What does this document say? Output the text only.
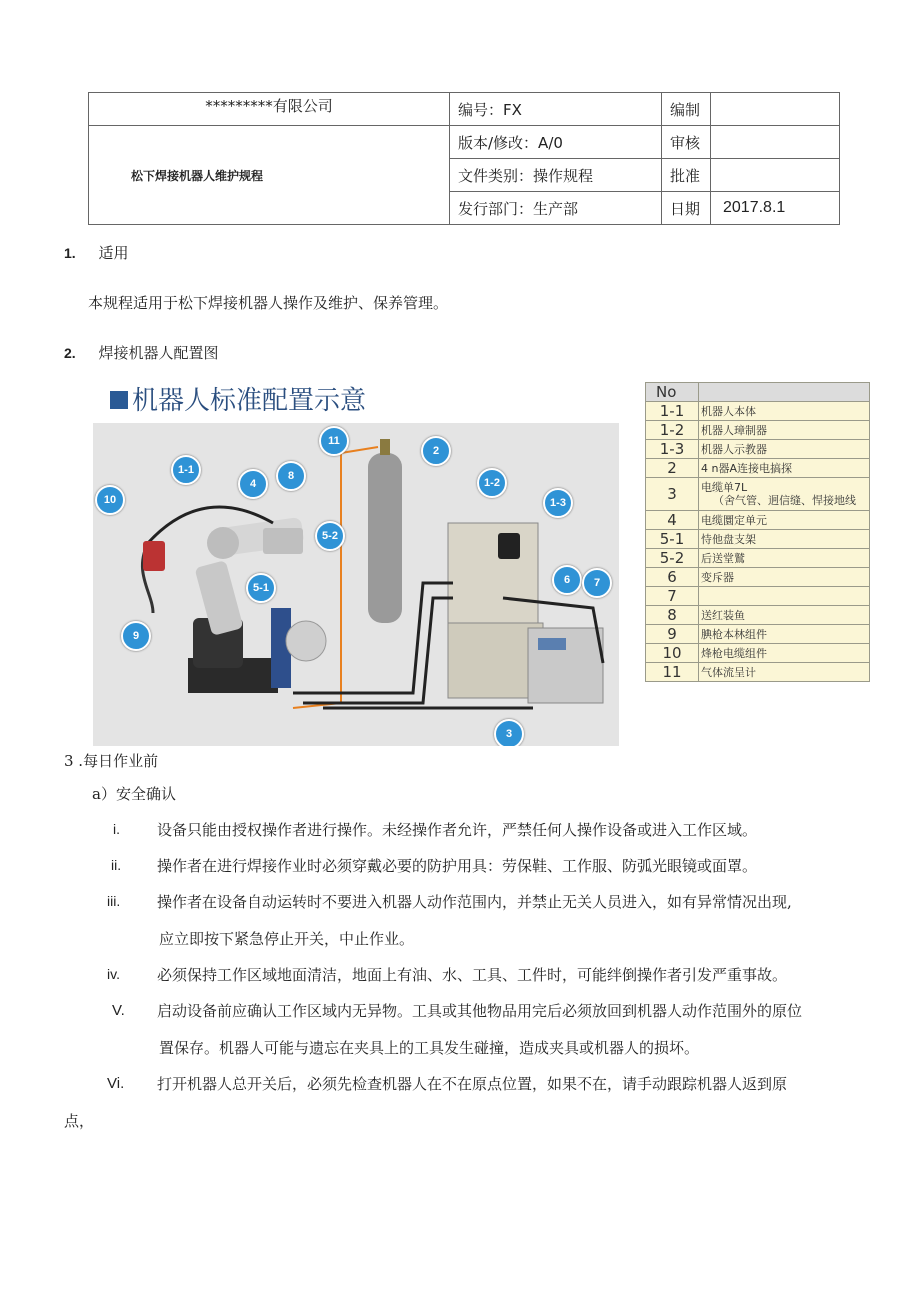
*********有限公司	编号：FX	编制	
松下焊接机器人维护规程	版本/修改：A/0	审核	
	文件类别：操作规程	批准	
	发行部门：生产部	日期	2017.8.1
1. 适用
本规程适用于松下焊接机器人操作及维护、保养管理。
2. 焊接机器人配置图
机器人标准配置示意
11
2
1-1	8
4	1-2
10	1-3
5-2
6 7
5-1
9
3
No	
1-1	机器人本体
1-2	机器人璋制器
1-3	机器人示教器
2	4 n器A连接电搞探
3	电缆单7L
（舍气管、迥信缝、悍接地线

4	电缆圜定单元
5-1	恃他盘支架
5-2	后送堂鷲
6	变斥器
7	
8	送红装鱼
9	腆枪本林组件
10	烽枪电缆组件
11	气体流呈计
3 .每日作业前
a）安全确认
i. 设备只能由授权操作者进行操作。未经操作者允许，严禁任何人操作设备或进入工作区域。
ii. 操作者在进行焊接作业时必须穿戴必要的防护用具：劳保鞋、工作服、防弧光眼镜或面罩。
iii. 操作者在设备自动运转时不要进入机器人动作范围内，并禁止无关人员进入，如有异常情况出现,
应立即按下紧急停止开关，中止作业。
iv. 必须保持工作区域地面清洁，地面上有油、水、工具、工件时，可能绊倒操作者引发严重事故。
V. 启动设备前应确认工作区域内无异物。工具或其他物品用完后必须放回到机器人动作范围外的原位
置保存。机器人可能与遗忘在夹具上的工具发生碰撞，造成夹具或机器人的损坏。
Vi. 打开机器人总开关后，必须先检查机器人在不在原点位置，如果不在，请手动跟踪机器人返到原
点，
